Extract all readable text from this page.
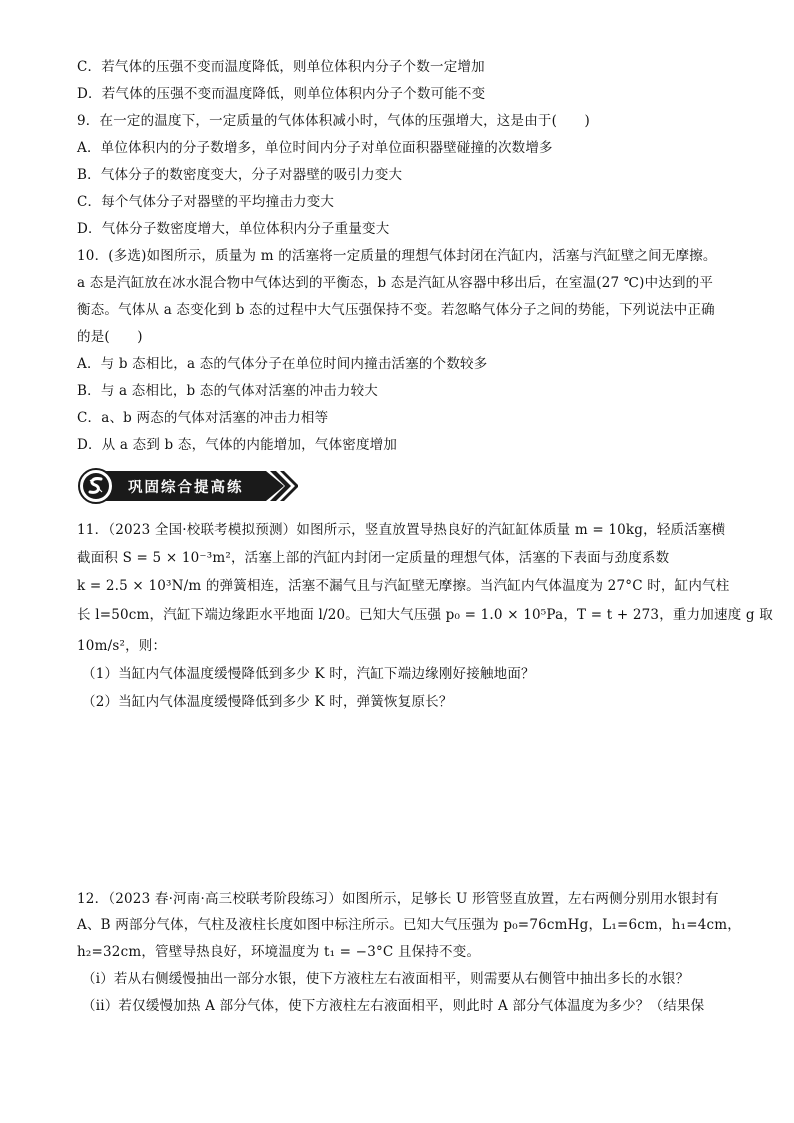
C．若气体的压强不变而温度降低，则单位体积内分子个数一定增加
D．若气体的压强不变而温度降低，则单位体积内分子个数可能不变
9．在一定的温度下，一定质量的气体体积减小时，气体的压强增大，这是由于(　　)
A．单位体积内的分子数增多，单位时间内分子对单位面积器壁碰撞的次数增多
B．气体分子的数密度变大，分子对器壁的吸引力变大
C．每个气体分子对器壁的平均撞击力变大
D．气体分子数密度增大，单位体积内分子重量变大
10．(多选)如图所示，质量为 m 的活塞将一定质量的理想气体封闭在汽缸内，活塞与汽缸壁之间无摩擦。
a 态是汽缸放在冰水混合物中气体达到的平衡态，b 态是汽缸从容器中移出后，在室温(27 ℃)中达到的平
衡态。气体从 a 态变化到 b 态的过程中大气压强保持不变。若忽略气体分子之间的势能，下列说法中正确
的是(　　)
A．与 b 态相比，a 态的气体分子在单位时间内撞击活塞的个数较多
B．与 a 态相比，b 态的气体对活塞的冲击力较大
C．a、b 两态的气体对活塞的冲击力相等
D．从 a 态到 b 态，气体的内能增加，气体密度增加
巩固综合提高练
11．（2023 全国·校联考模拟预测）如图所示，竖直放置导热良好的汽缸缸体质量 m = 10kg，轻质活塞横
截面积 S = 5 × 10⁻³m²，活塞上部的汽缸内封闭一定质量的理想气体，活塞的下表面与劲度系数
k = 2.5 × 10³N/m 的弹簧相连，活塞不漏气且与汽缸壁无摩擦。当汽缸内气体温度为 27°C 时，缸内气柱
长 l=50cm，汽缸下端边缘距水平地面 l/20。已知大气压强 p₀ = 1.0 × 10⁵Pa，T = t + 273，重力加速度 g 取
10m/s²，则：
（1）当缸内气体温度缓慢降低到多少 K 时，汽缸下端边缘刚好接触地面？
（2）当缸内气体温度缓慢降低到多少 K 时，弹簧恢复原长？
12．（2023 春·河南·高三校联考阶段练习）如图所示，足够长 U 形管竖直放置，左右两侧分别用水银封有
A、B 两部分气体，气柱及液柱长度如图中标注所示。已知大气压强为 p₀=76cmHg，L₁=6cm，h₁=4cm，
h₂=32cm，管壁导热良好，环境温度为 t₁ = −3°C 且保持不变。
（i）若从右侧缓慢抽出一部分水银，使下方液柱左右液面相平，则需要从右侧管中抽出多长的水银？
（ii）若仅缓慢加热 A 部分气体，使下方液柱左右液面相平，则此时 A 部分气体温度为多少？（结果保
